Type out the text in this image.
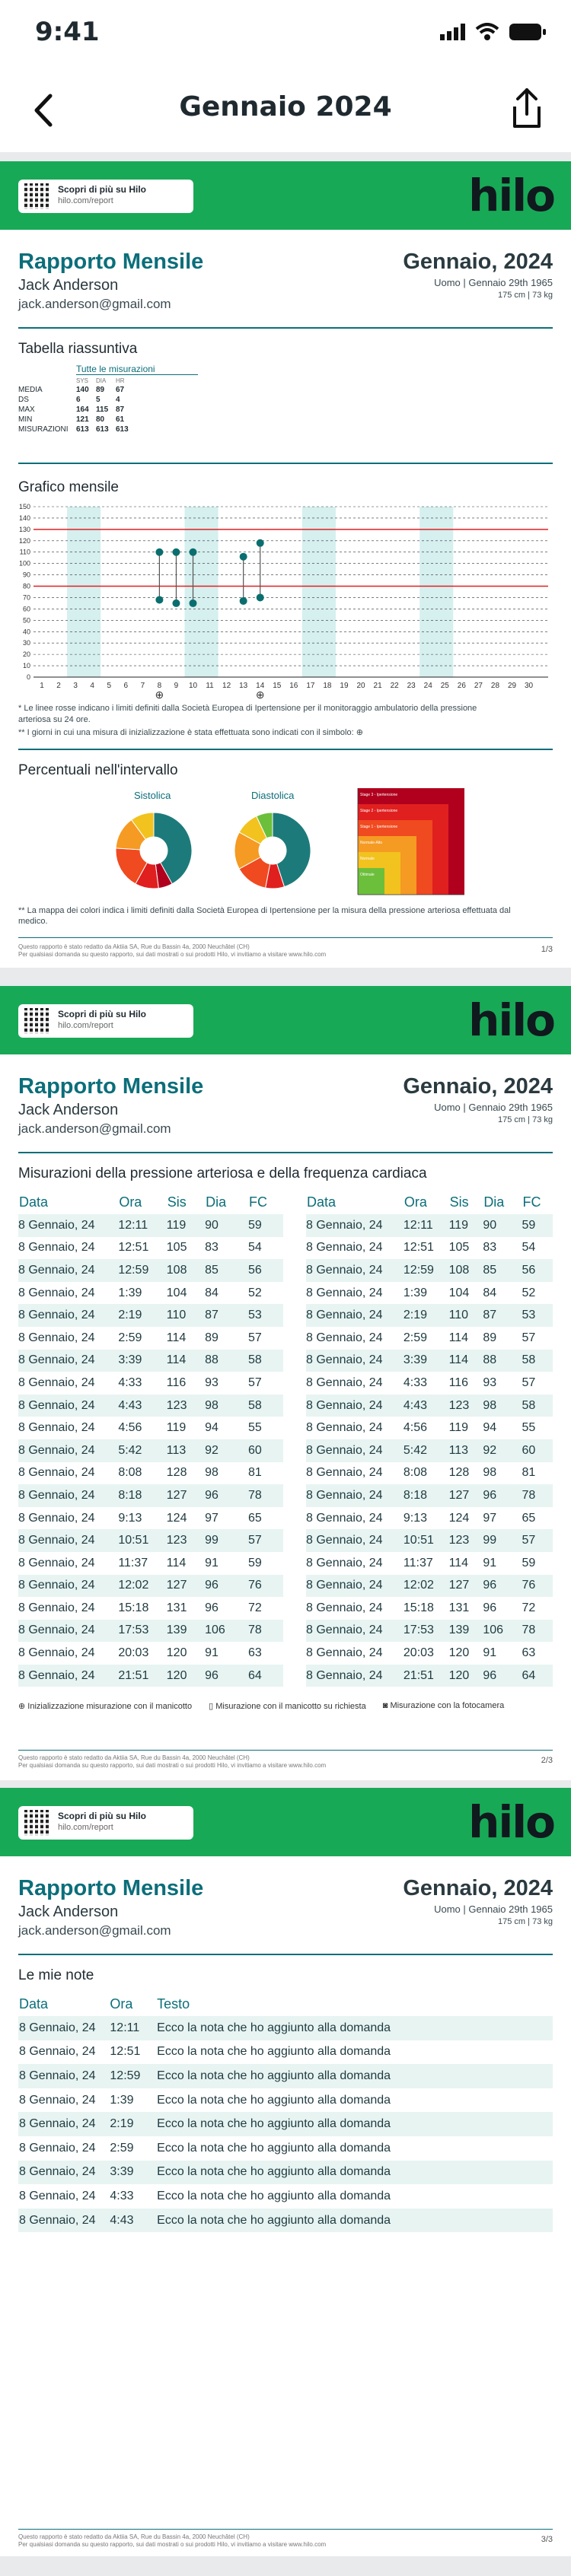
9:41
Gennaio 2024
Scopri di più su Hilo
hilo.com/report	hilo
Rapporto Mensile
Jack Anderson
jack.anderson@gmail.com
Gennaio, 2024
Uomo | Gennaio 29th 1965
175 cm | 73 kg
Tabella riassuntiva
Tutte le misurazioni
	SYS	DIA	HR
MEDIA	140	89	67
DS	6	5	4
MAX	164	115	87
MIN	121	80	61
MISURAZIONI	613	613	613
Grafico mensile
0
10
20
30
40
50
60
70
80
90
100
110
120
130
140
150
1 2 3 4 5 6 7 8 9 10 11 12 13 14 15 16 17 18 19 20 21 22 23 24 25 26 27 28 29 30
⊕	⊕
* Le linee rosse indicano i limiti definiti dalla Società Europea di Ipertensione per il monitoraggio ambulatorio della pressione arteriosa su 24 ore.
** I giorni in cui una misura di inizializzazione è stata effettuata sono indicati con il simbolo: ⊕
Percentuali nell'intervallo
Sistolica	Diastolica	Stage 3 - Ipertensione
Stage 2 - Ipertensione
Stage 1 - Ipertensione
Normale-Alto
Normale
Ottimale
** La mappa dei colori indica i limiti definiti dalla Società Europea di Ipertensione per la misura della pressione arteriosa effettuata dal medico.
Questo rapporto è stato redatto da Aktiia SA, Rue du Bassin 4a, 2000 Neuchâtel (CH)
Per qualsiasi domanda su questo rapporto, sui dati mostrati o sui prodotti Hilo, vi invitiamo a visitare www.hilo.com
1/3
Scopri di più su Hilo
hilo.com/report	hilo
Rapporto Mensile
Jack Anderson
jack.anderson@gmail.com
Gennaio, 2024
Uomo | Gennaio 29th 1965
175 cm | 73 kg
Misurazioni della pressione arteriosa e della frequenza cardiaca
Data	Ora	Sis	Dia	FC
8 Gennaio, 24	12:11	119	90	59
8 Gennaio, 24	12:51	105	83	54
8 Gennaio, 24	12:59	108	85	56
8 Gennaio, 24	1:39	104	84	52
8 Gennaio, 24	2:19	110	87	53
8 Gennaio, 24	2:59	114	89	57
8 Gennaio, 24	3:39	114	88	58
8 Gennaio, 24	4:33	116	93	57
8 Gennaio, 24	4:43	123	98	58
8 Gennaio, 24	4:56	119	94	55
8 Gennaio, 24	5:42	113	92	60
8 Gennaio, 24	8:08	128	98	81
8 Gennaio, 24	8:18	127	96	78
8 Gennaio, 24	9:13	124	97	65
8 Gennaio, 24	10:51	123	99	57
8 Gennaio, 24	11:37	114	91	59
8 Gennaio, 24	12:02	127	96	76
8 Gennaio, 24	15:18	131	96	72
8 Gennaio, 24	17:53	139	106	78
8 Gennaio, 24	20:03	120	91	63
8 Gennaio, 24	21:51	120	96	64
Data	Ora	Sis	Dia	FC
8 Gennaio, 24	12:11	119	90	59
8 Gennaio, 24	12:51	105	83	54
8 Gennaio, 24	12:59	108	85	56
8 Gennaio, 24	1:39	104	84	52
8 Gennaio, 24	2:19	110	87	53
8 Gennaio, 24	2:59	114	89	57
8 Gennaio, 24	3:39	114	88	58
8 Gennaio, 24	4:33	116	93	57
8 Gennaio, 24	4:43	123	98	58
8 Gennaio, 24	4:56	119	94	55
8 Gennaio, 24	5:42	113	92	60
8 Gennaio, 24	8:08	128	98	81
8 Gennaio, 24	8:18	127	96	78
8 Gennaio, 24	9:13	124	97	65
8 Gennaio, 24	10:51	123	99	57
8 Gennaio, 24	11:37	114	91	59
8 Gennaio, 24	12:02	127	96	76
8 Gennaio, 24	15:18	131	96	72
8 Gennaio, 24	17:53	139	106	78
8 Gennaio, 24	20:03	120	91	63
8 Gennaio, 24	21:51	120	96	64
⊕ Inizializzazione misurazione con il manicotto ▯ Misurazione con il manicotto su richiesta ◙ Misurazione con la fotocamera
Questo rapporto è stato redatto da Aktiia SA, Rue du Bassin 4a, 2000 Neuchâtel (CH)
Per qualsiasi domanda su questo rapporto, sui dati mostrati o sui prodotti Hilo, vi invitiamo a visitare www.hilo.com
2/3
Scopri di più su Hilo
hilo.com/report	hilo
Rapporto Mensile
Jack Anderson
jack.anderson@gmail.com
Gennaio, 2024
Uomo | Gennaio 29th 1965
175 cm | 73 kg
Le mie note
Data	Ora	Testo
8 Gennaio, 24	12:11	Ecco la nota che ho aggiunto alla domanda
8 Gennaio, 24	12:51	Ecco la nota che ho aggiunto alla domanda
8 Gennaio, 24	12:59	Ecco la nota che ho aggiunto alla domanda
8 Gennaio, 24	1:39	Ecco la nota che ho aggiunto alla domanda
8 Gennaio, 24	2:19	Ecco la nota che ho aggiunto alla domanda
8 Gennaio, 24	2:59	Ecco la nota che ho aggiunto alla domanda
8 Gennaio, 24	3:39	Ecco la nota che ho aggiunto alla domanda
8 Gennaio, 24	4:33	Ecco la nota che ho aggiunto alla domanda
8 Gennaio, 24	4:43	Ecco la nota che ho aggiunto alla domanda
Questo rapporto è stato redatto da Aktiia SA, Rue du Bassin 4a, 2000 Neuchâtel (CH)
Per qualsiasi domanda su questo rapporto, sui dati mostrati o sui prodotti Hilo, vi invitiamo a visitare www.hilo.com
3/3
